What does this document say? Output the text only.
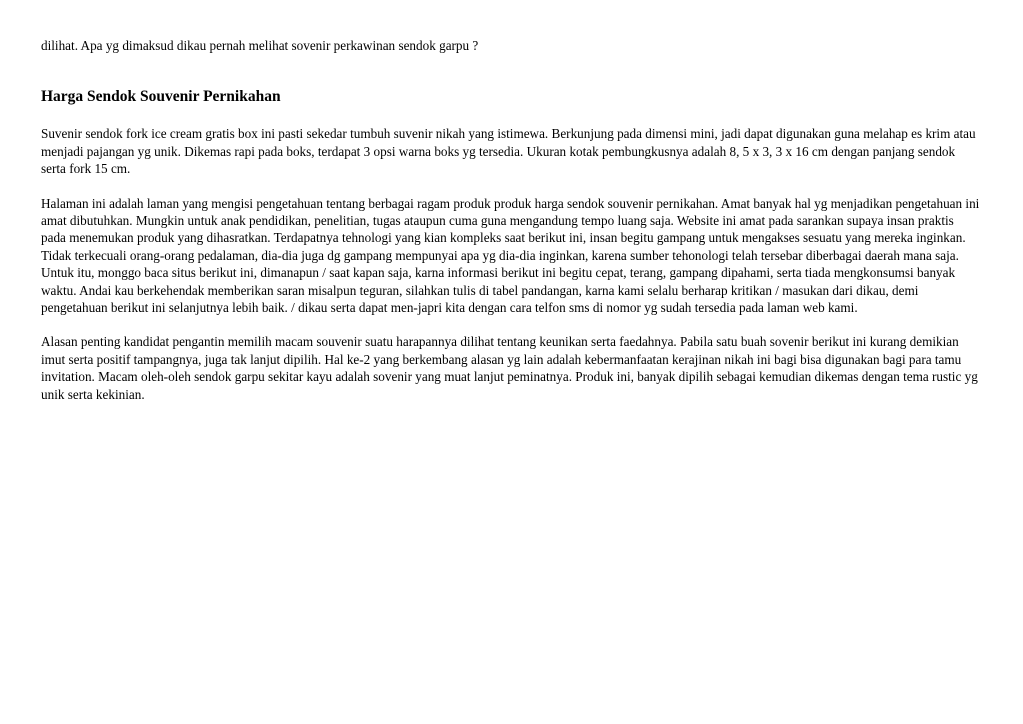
dilihat. Apa yg dimaksud dikau pernah melihat sovenir perkawinan sendok garpu ?

Harga Sendok Souvenir Pernikahan

Suvenir sendok fork ice cream gratis box ini pasti sekedar tumbuh suvenir nikah yang istimewa. Berkunjung pada dimensi mini, jadi dapat digunakan guna melahap es krim atau menjadi pajangan yg unik. Dikemas rapi pada boks, terdapat 3 opsi warna boks yg tersedia. Ukuran kotak pembungkusnya adalah 8, 5 x 3, 3 x 16 cm dengan panjang sendok serta fork 15 cm.

Halaman ini adalah laman yang mengisi pengetahuan tentang berbagai ragam produk produk harga sendok souvenir pernikahan. Amat banyak hal yg menjadikan pengetahuan ini amat dibutuhkan. Mungkin untuk anak pendidikan, penelitian, tugas ataupun cuma guna mengandung tempo luang saja. Website ini amat pada sarankan supaya insan praktis pada menemukan produk yang dihasratkan. Terdapatnya tehnologi yang kian kompleks saat berikut ini, insan begitu gampang untuk mengakses sesuatu yang mereka inginkan. Tidak terkecuali orang-orang pedalaman, dia-dia juga dg gampang mempunyai apa yg dia-dia inginkan, karena sumber tehonologi telah tersebar diberbagai daerah mana saja. Untuk itu, monggo baca situs berikut ini, dimanapun / saat kapan saja, karna informasi berikut ini begitu cepat, terang, gampang dipahami, serta tiada mengkonsumsi banyak waktu. Andai kau berkehendak memberikan saran misalpun teguran, silahkan tulis di tabel pandangan, karna kami selalu berharap kritikan / masukan dari dikau, demi pengetahuan berikut ini selanjutnya lebih baik. / dikau serta dapat men-japri kita dengan cara telfon sms di nomor yg sudah tersedia pada laman web kami.

Alasan penting kandidat pengantin memilih macam souvenir suatu harapannya dilihat tentang keunikan serta faedahnya. Pabila satu buah sovenir berikut ini kurang demikian imut serta positif tampangnya, juga tak lanjut dipilih. Hal ke-2 yang berkembang alasan yg lain adalah kebermanfaatan kerajinan nikah ini bagi bisa digunakan bagi para tamu invitation. Macam oleh-oleh sendok garpu sekitar kayu adalah sovenir yang muat lanjut peminatnya. Produk ini, banyak dipilih sebagai kemudian dikemas dengan tema rustic yg unik serta kekinian.
